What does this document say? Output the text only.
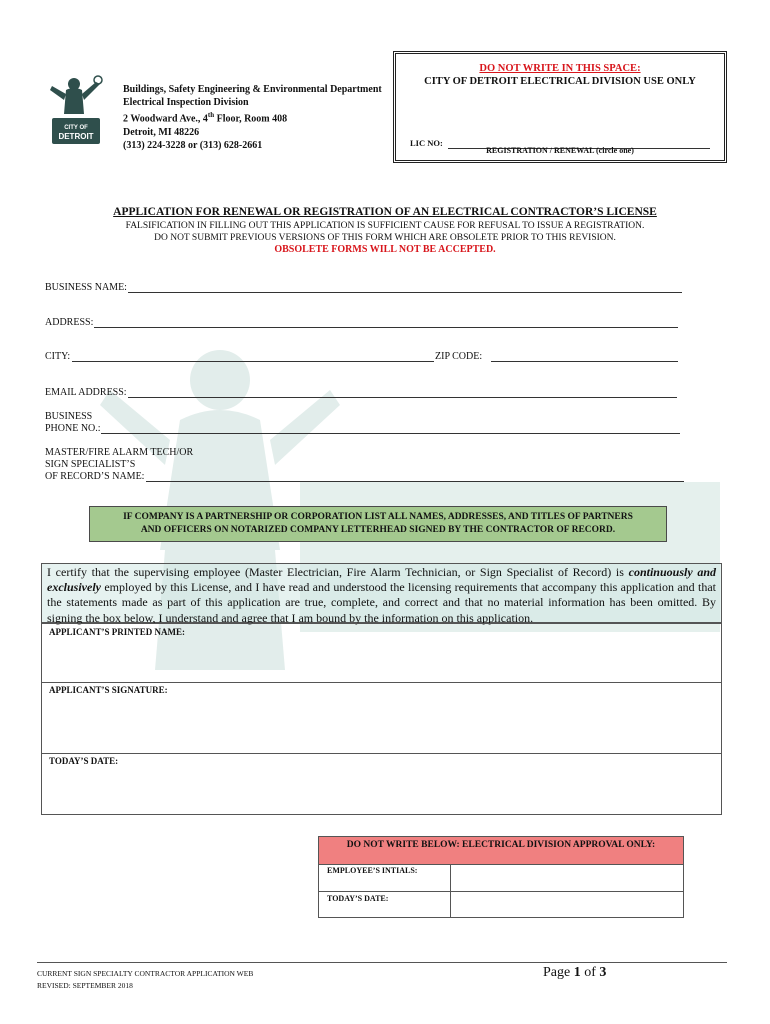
CITY OF
DETROIT
Buildings, Safety Engineering & Environmental Department
Electrical Inspection Division
2 Woodward Ave., 4th Floor, Room 408
Detroit, MI 48226
(313) 224-3228 or (313) 628-2661
DO NOT WRITE IN THIS SPACE:
CITY OF DETROIT ELECTRICAL DIVISION USE ONLY
LIC NO:
REGISTRATION / RENEWAL (circle one)
APPLICATION FOR RENEWAL OR REGISTRATION OF AN ELECTRICAL CONTRACTOR’S LICENSE
FALSIFICATION IN FILLING OUT THIS APPLICATION IS SUFFICIENT CAUSE FOR REFUSAL TO ISSUE A REGISTRATION.
DO NOT SUBMIT PREVIOUS VERSIONS OF THIS FORM WHICH ARE OBSOLETE PRIOR TO THIS REVISION.
OBSOLETE FORMS WILL NOT BE ACCEPTED.
BUSINESS NAME:
ADDRESS:
CITY:	ZIP CODE:
EMAIL ADDRESS:
BUSINESS
PHONE NO.:
MASTER/FIRE ALARM TECH/OR
SIGN SPECIALIST’S
OF RECORD’S NAME:
IF COMPANY IS A PARTNERSHIP OR CORPORATION LIST ALL NAMES, ADDRESSES, AND TITLES OF PARTNERS
AND OFFICERS ON NOTARIZED COMPANY LETTERHEAD SIGNED BY THE CONTRACTOR OF RECORD.
I certify that the supervising employee (Master Electrician, Fire Alarm Technician, or Sign Specialist of Record) is continuously and exclusively employed by this License, and I have read and understood the licensing requirements that accompany this application and that the statements made as part of this application are true, complete, and correct and that no material information has been omitted. By signing the box below, I understand and agree that I am bound by the information on this application.
APPLICANT’S PRINTED NAME:
APPLICANT’S SIGNATURE:
TODAY’S DATE:
DO NOT WRITE BELOW: ELECTRICAL DIVISION APPROVAL ONLY:
EMPLOYEE’S INTIALS:
TODAY’S DATE:
CURRENT SIGN SPECIALTY CONTRACTOR APPLICATION WEB
REVISED: SEPTEMBER 2018
Page 1 of 3
